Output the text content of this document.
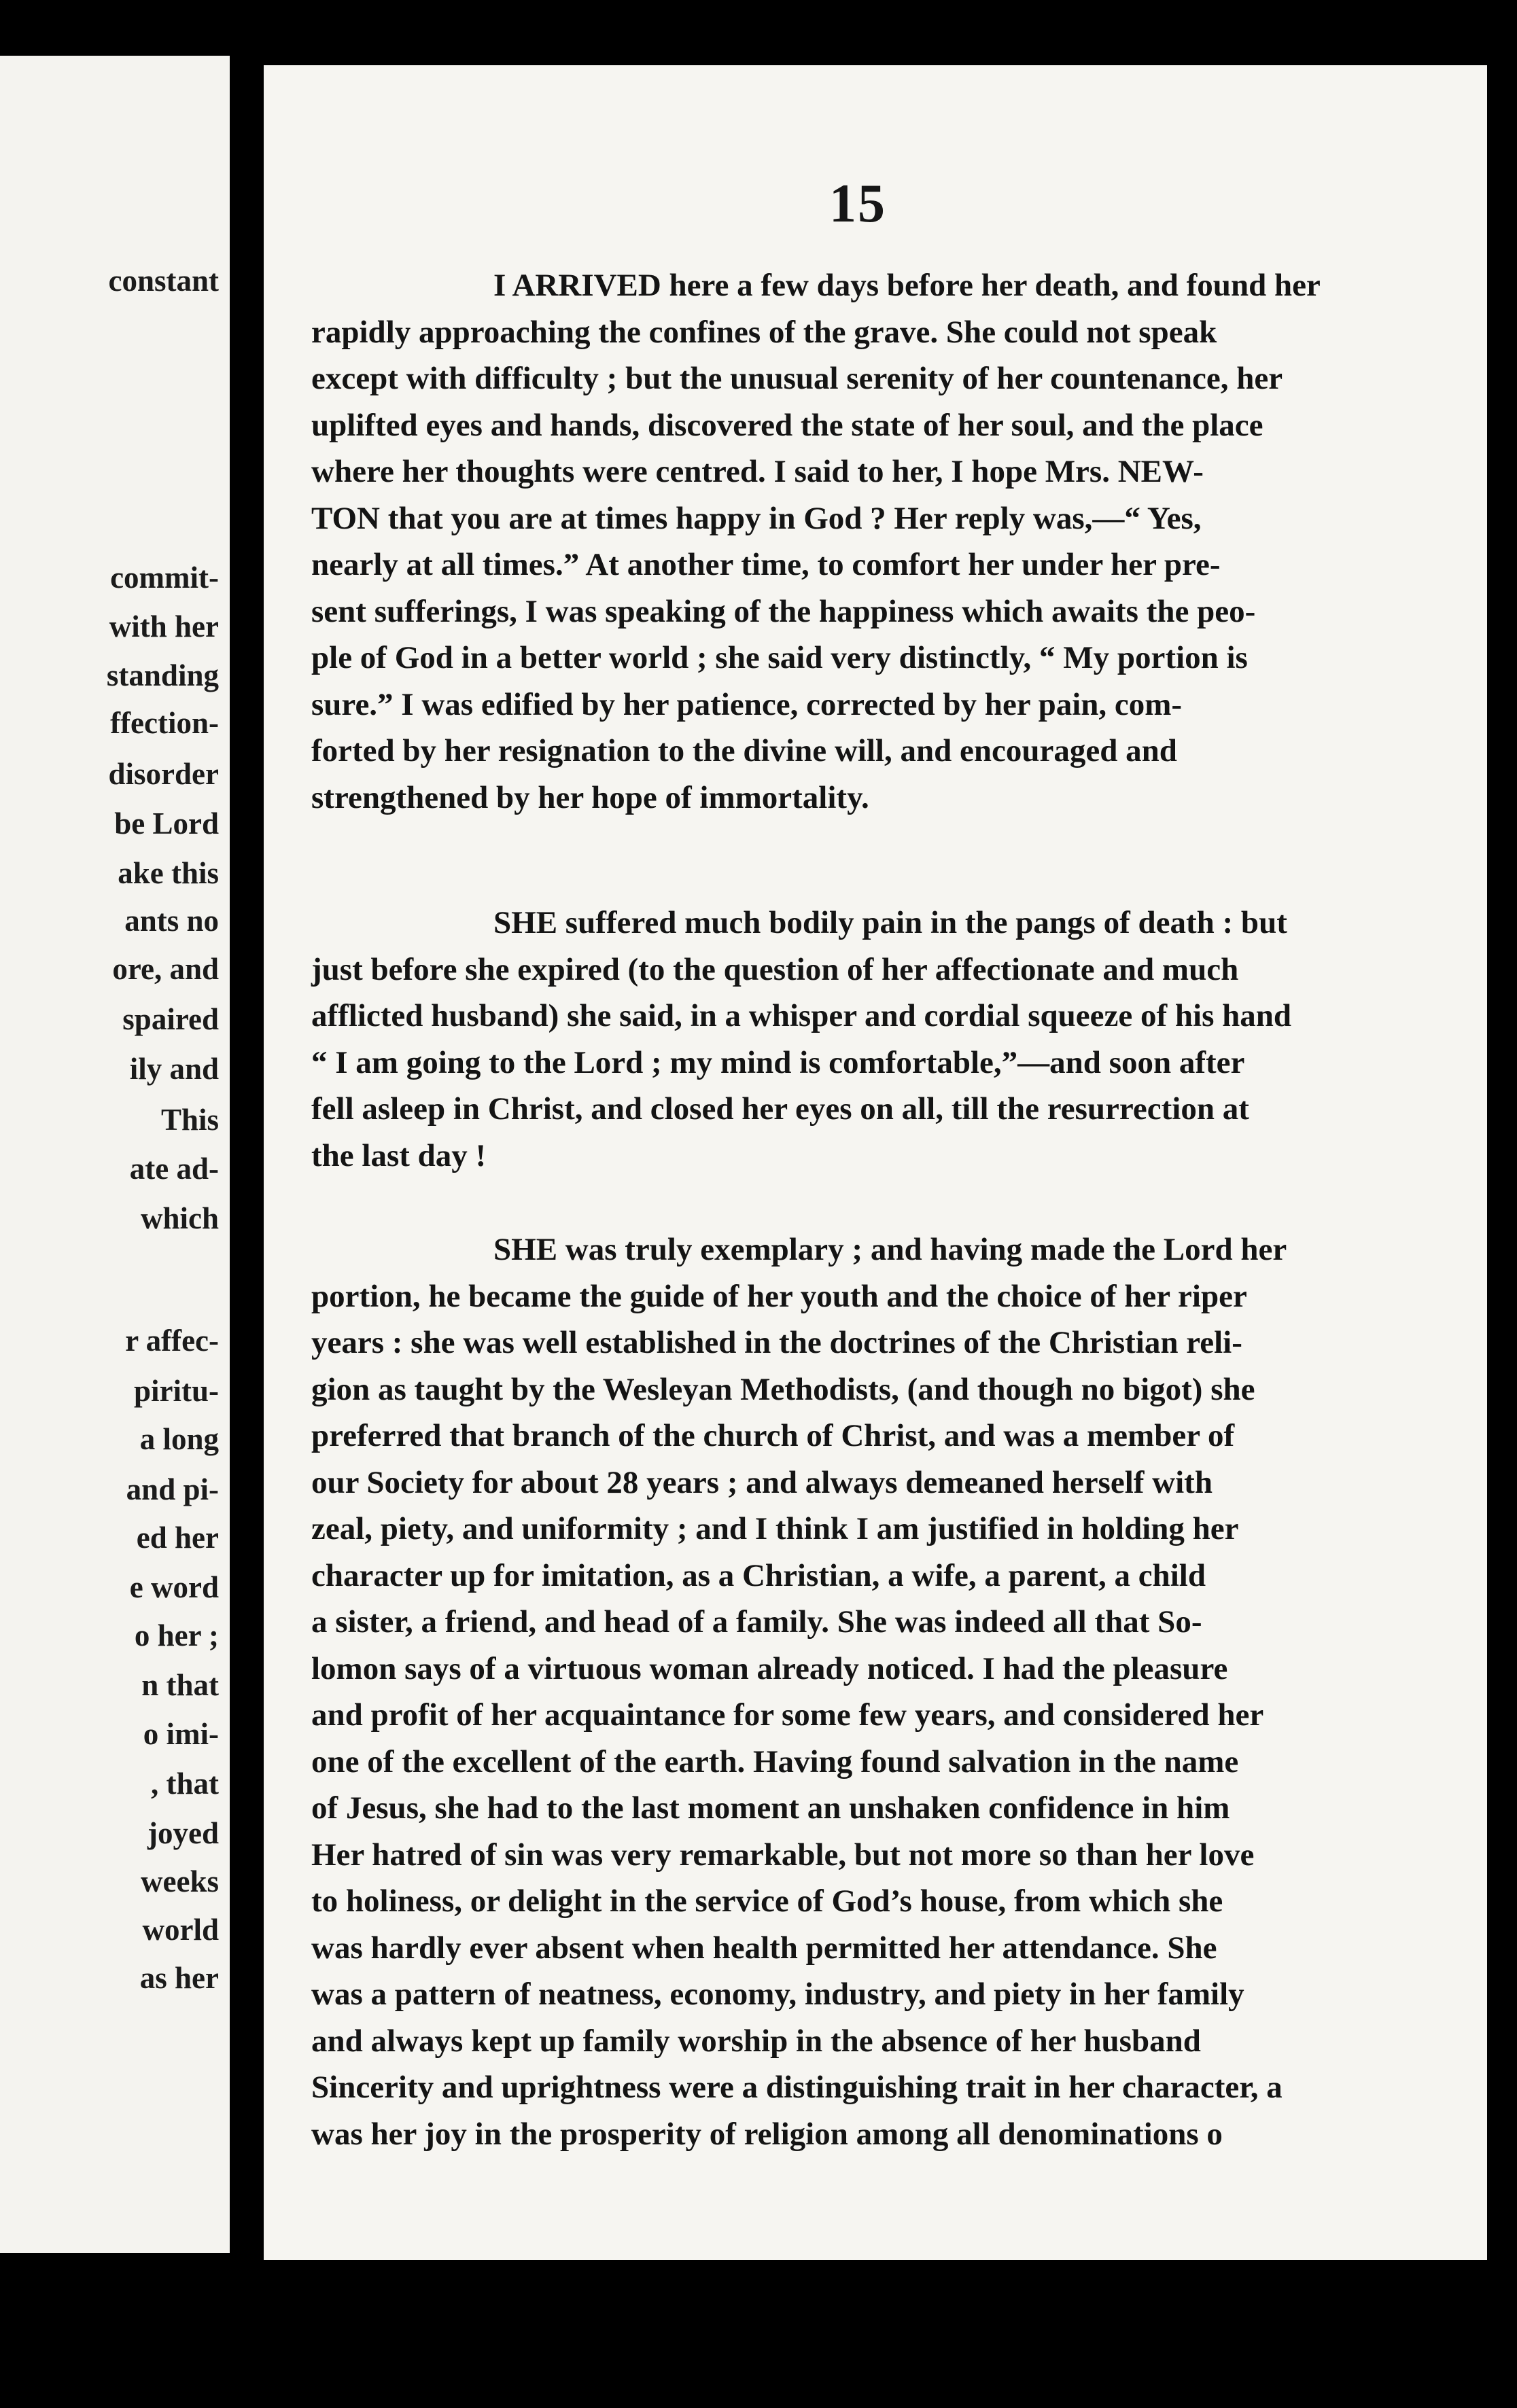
constant
commit-
with her
standing
ffection-
disorder
be Lord
ake this
ants no
ore, and
spaired
ily and
This
ate ad-
which
r affec-
piritu-
a long
and pi-
ed her
e word
o her ;
n that
o imi-
, that
joyed
weeks
world
as her
15
I ARRIVED here a few days before her death, and found her
rapidly approaching the confines of the grave. She could not speak
except with difficulty ; but the unusual serenity of her countenance, her
uplifted eyes and hands, discovered the state of her soul, and the place
where her thoughts were centred. I said to her, I hope Mrs. NEW-
TON that you are at times happy in God ? Her reply was,—“ Yes,
nearly at all times.” At another time, to comfort her under her pre-
sent sufferings, I was speaking of the happiness which awaits the peo-
ple of God in a better world ; she said very distinctly, “ My portion is
sure.” I was edified by her patience, corrected by her pain, com-
forted by her resignation to the divine will, and encouraged and
strengthened by her hope of immortality.
SHE suffered much bodily pain in the pangs of death : but
just before she expired (to the question of her affectionate and much
afflicted husband) she said, in a whisper and cordial squeeze of his hand
“ I am going to the Lord ; my mind is comfortable,”—and soon after
fell asleep in Christ, and closed her eyes on all, till the resurrection at
the last day !
SHE was truly exemplary ; and having made the Lord her
portion, he became the guide of her youth and the choice of her riper
years : she was well established in the doctrines of the Christian reli-
gion as taught by the Wesleyan Methodists, (and though no bigot) she
preferred that branch of the church of Christ, and was a member of
our Society for about 28 years ; and always demeaned herself with
zeal, piety, and uniformity ; and I think I am justified in holding her
character up for imitation, as a Christian, a wife, a parent, a child
a sister, a friend, and head of a family. She was indeed all that So-
lomon says of a virtuous woman already noticed. I had the pleasure
and profit of her acquaintance for some few years, and considered her
one of the excellent of the earth. Having found salvation in the name
of Jesus, she had to the last moment an unshaken confidence in him
Her hatred of sin was very remarkable, but not more so than her love
to holiness, or delight in the service of God’s house, from which she
was hardly ever absent when health permitted her attendance. She
was a pattern of neatness, economy, industry, and piety in her family
and always kept up family worship in the absence of her husband
Sincerity and uprightness were a distinguishing trait in her character, a
was her joy in the prosperity of religion among all denominations o
